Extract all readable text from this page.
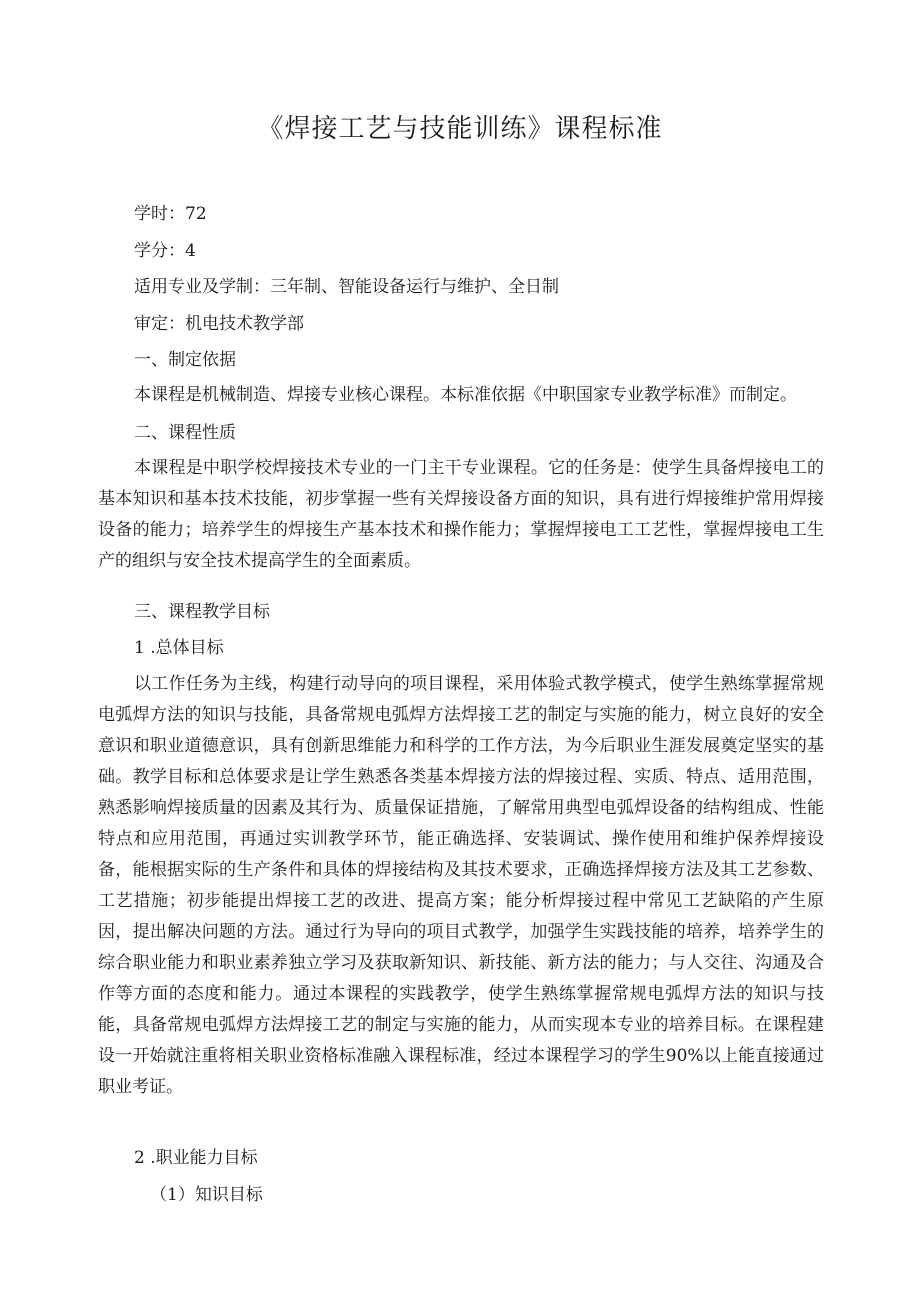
《焊接工艺与技能训练》课程标准

学时：72

学分：4

适用专业及学制：三年制、智能设备运行与维护、全日制

审定：机电技术教学部

一、制定依据

本课程是机械制造、焊接专业核心课程。本标准依据《中职国家专业教学标准》而制定。

二、课程性质

本课程是中职学校焊接技术专业的一门主干专业课程。它的任务是：使学生具备焊接电工的基本知识和基本技术技能，初步掌握一些有关焊接设备方面的知识，具有进行焊接维护常用焊接设备的能力；培养学生的焊接生产基本技术和操作能力；掌握焊接电工工艺性，掌握焊接电工生产的组织与安全技术提高学生的全面素质。

三、课程教学目标

1 .总体目标

以工作任务为主线，构建行动导向的项目课程，采用体验式教学模式，使学生熟练掌握常规电弧焊方法的知识与技能，具备常规电弧焊方法焊接工艺的制定与实施的能力，树立良好的安全意识和职业道德意识，具有创新思维能力和科学的工作方法，为今后职业生涯发展奠定坚实的基础。教学目标和总体要求是让学生熟悉各类基本焊接方法的焊接过程、实质、特点、适用范围，熟悉影响焊接质量的因素及其行为、质量保证措施，了解常用典型电弧焊设备的结构组成、性能特点和应用范围，再通过实训教学环节，能正确选择、安装调试、操作使用和维护保养焊接设备，能根据实际的生产条件和具体的焊接结构及其技术要求，正确选择焊接方法及其工艺参数、工艺措施；初步能提出焊接工艺的改进、提高方案；能分析焊接过程中常见工艺缺陷的产生原因，提出解决问题的方法。通过行为导向的项目式教学，加强学生实践技能的培养，培养学生的综合职业能力和职业素养独立学习及获取新知识、新技能、新方法的能力；与人交往、沟通及合作等方面的态度和能力。通过本课程的实践教学，使学生熟练掌握常规电弧焊方法的知识与技能，具备常规电弧焊方法焊接工艺的制定与实施的能力，从而实现本专业的培养目标。在课程建设一开始就注重将相关职业资格标准融入课程标准，经过本课程学习的学生90%以上能直接通过职业考证。

2 .职业能力目标

（1）知识目标
